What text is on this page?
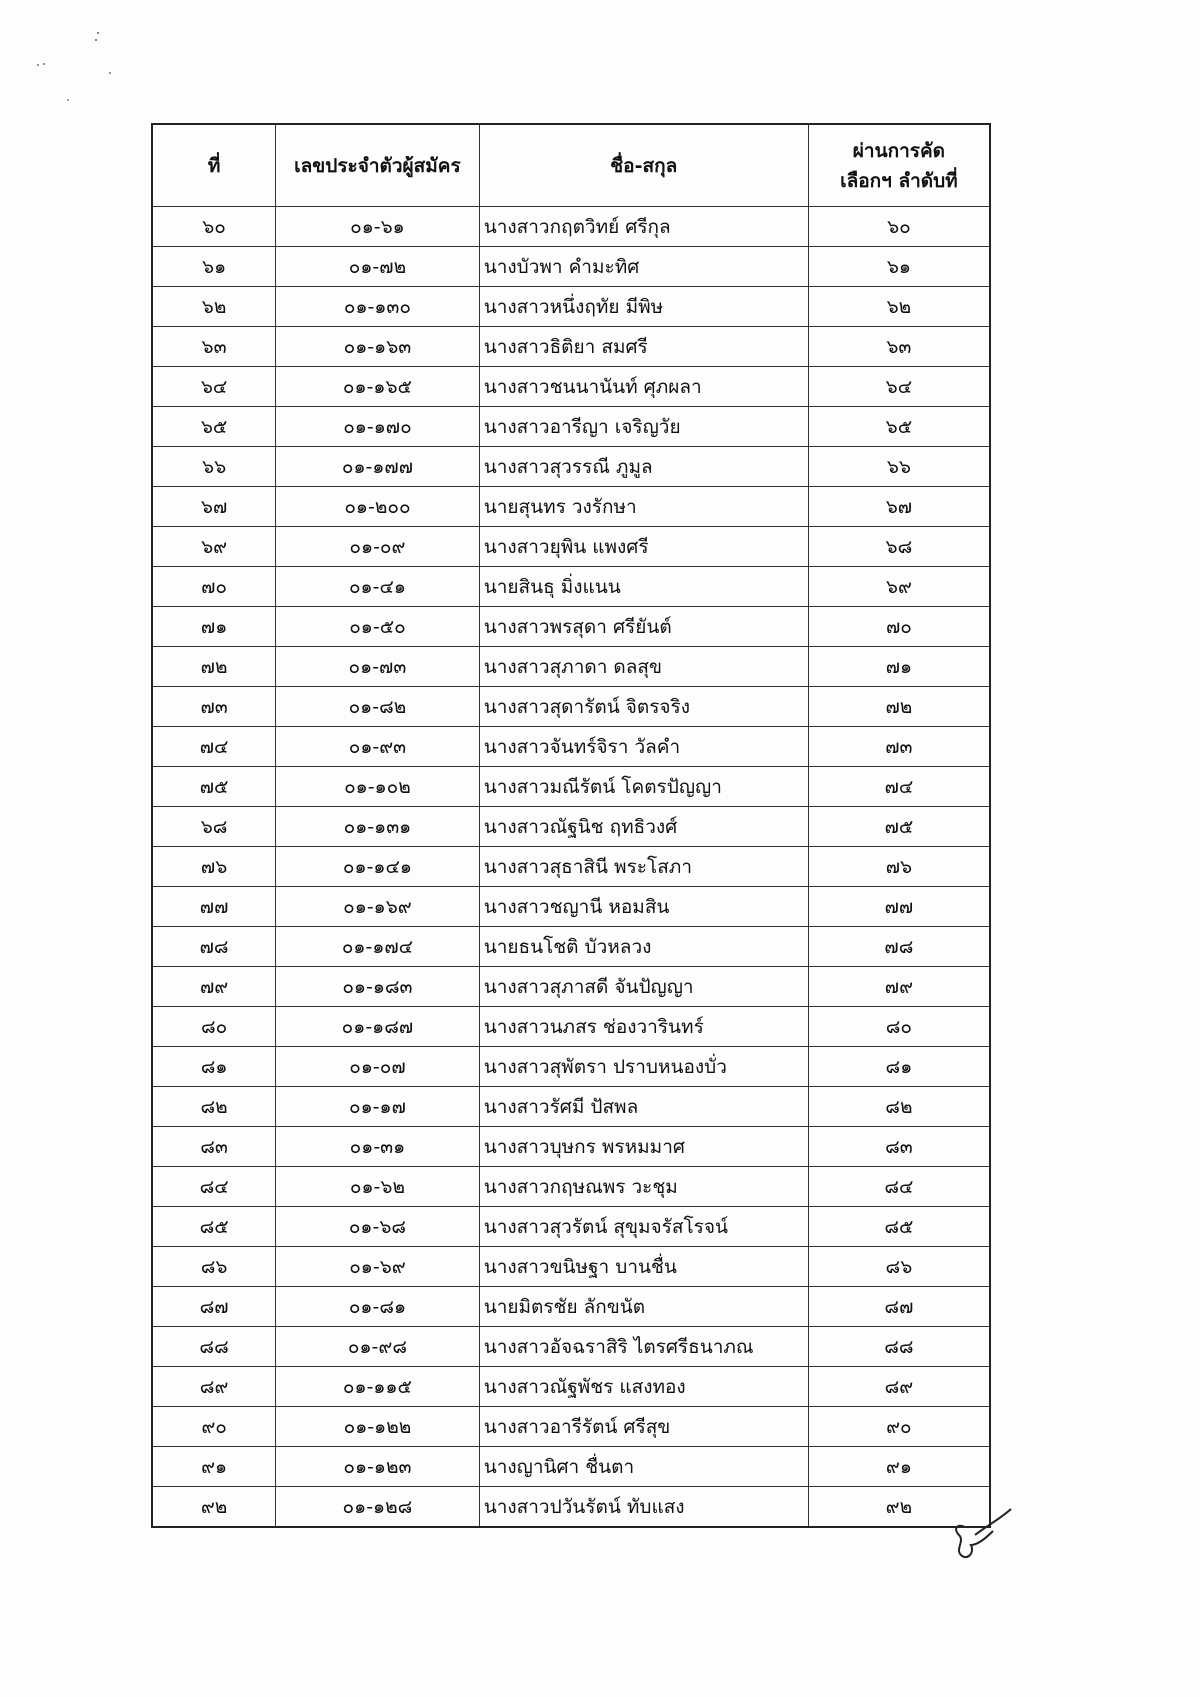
ที่	เลขประจำตัวผู้สมัคร	ชื่อ-สกุล	ผ่านการคัดเลือกฯ ลำดับที่
๖๐	๐๑-๖๑	นางสาวกฤตวิทย์ ศรีกุล	๖๐
๖๑	๐๑-๗๒	นางบัวพา คำมะทิศ	๖๑
๖๒	๐๑-๑๓๐	นางสาวหนึ่งฤทัย มีพิษ	๖๒
๖๓	๐๑-๑๖๓	นางสาวธิติยา สมศรี	๖๓
๖๔	๐๑-๑๖๕	นางสาวชนนานันท์ ศุภผลา	๖๔
๖๕	๐๑-๑๗๐	นางสาวอารีญา เจริญวัย	๖๕
๖๖	๐๑-๑๗๗	นางสาวสุวรรณี ภูมูล	๖๖
๖๗	๐๑-๒๐๐	นายสุนทร วงรักษา	๖๗
๖๙	๐๑-๐๙	นางสาวยุพิน แพงศรี	๖๘
๗๐	๐๑-๔๑	นายสินธุ มิ่งแนน	๖๙
๗๑	๐๑-๕๐	นางสาวพรสุดา ศรียันต์	๗๐
๗๒	๐๑-๗๓	นางสาวสุภาดา ดลสุข	๗๑
๗๓	๐๑-๘๒	นางสาวสุดารัตน์ จิตรจริง	๗๒
๗๔	๐๑-๙๓	นางสาวจันทร์จิรา วัลคำ	๗๓
๗๕	๐๑-๑๐๒	นางสาวมณีรัตน์ โคตรปัญญา	๗๔
๖๘	๐๑-๑๓๑	นางสาวณัฐนิช ฤทธิวงศ์	๗๕
๗๖	๐๑-๑๔๑	นางสาวสุธาสินี พระโสภา	๗๖
๗๗	๐๑-๑๖๙	นางสาวชญานี หอมสิน	๗๗
๗๘	๐๑-๑๗๔	นายธนโชติ บัวหลวง	๗๘
๗๙	๐๑-๑๘๓	นางสาวสุภาสดี จันปัญญา	๗๙
๘๐	๐๑-๑๘๗	นางสาวนภสร ช่องวารินทร์	๘๐
๘๑	๐๑-๐๗	นางสาวสุพัตรา ปราบหนองบั่ว	๘๑
๘๒	๐๑-๑๗	นางสาวรัศมี ปัสพล	๘๒
๘๓	๐๑-๓๑	นางสาวบุษกร พรหมมาศ	๘๓
๘๔	๐๑-๖๒	นางสาวกฤษณพร วะชุม	๘๔
๘๕	๐๑-๖๘	นางสาวสุวรัตน์ สุขุมจรัสโรจน์	๘๕
๘๖	๐๑-๖๙	นางสาวขนิษฐา บานชื่น	๘๖
๘๗	๐๑-๘๑	นายมิตรชัย ลักขนัต	๘๗
๘๘	๐๑-๙๘	นางสาวอัจฉราสิริ ไตรศรีธนาภณ	๘๘
๘๙	๐๑-๑๑๕	นางสาวณัฐพัชร แสงทอง	๘๙
๙๐	๐๑-๑๒๒	นางสาวอารีรัตน์ ศรีสุข	๙๐
๙๑	๐๑-๑๒๓	นางญานิศา ชื่นตา	๙๑
๙๒	๐๑-๑๒๘	นางสาวปวันรัตน์ ทับแสง	๙๒
